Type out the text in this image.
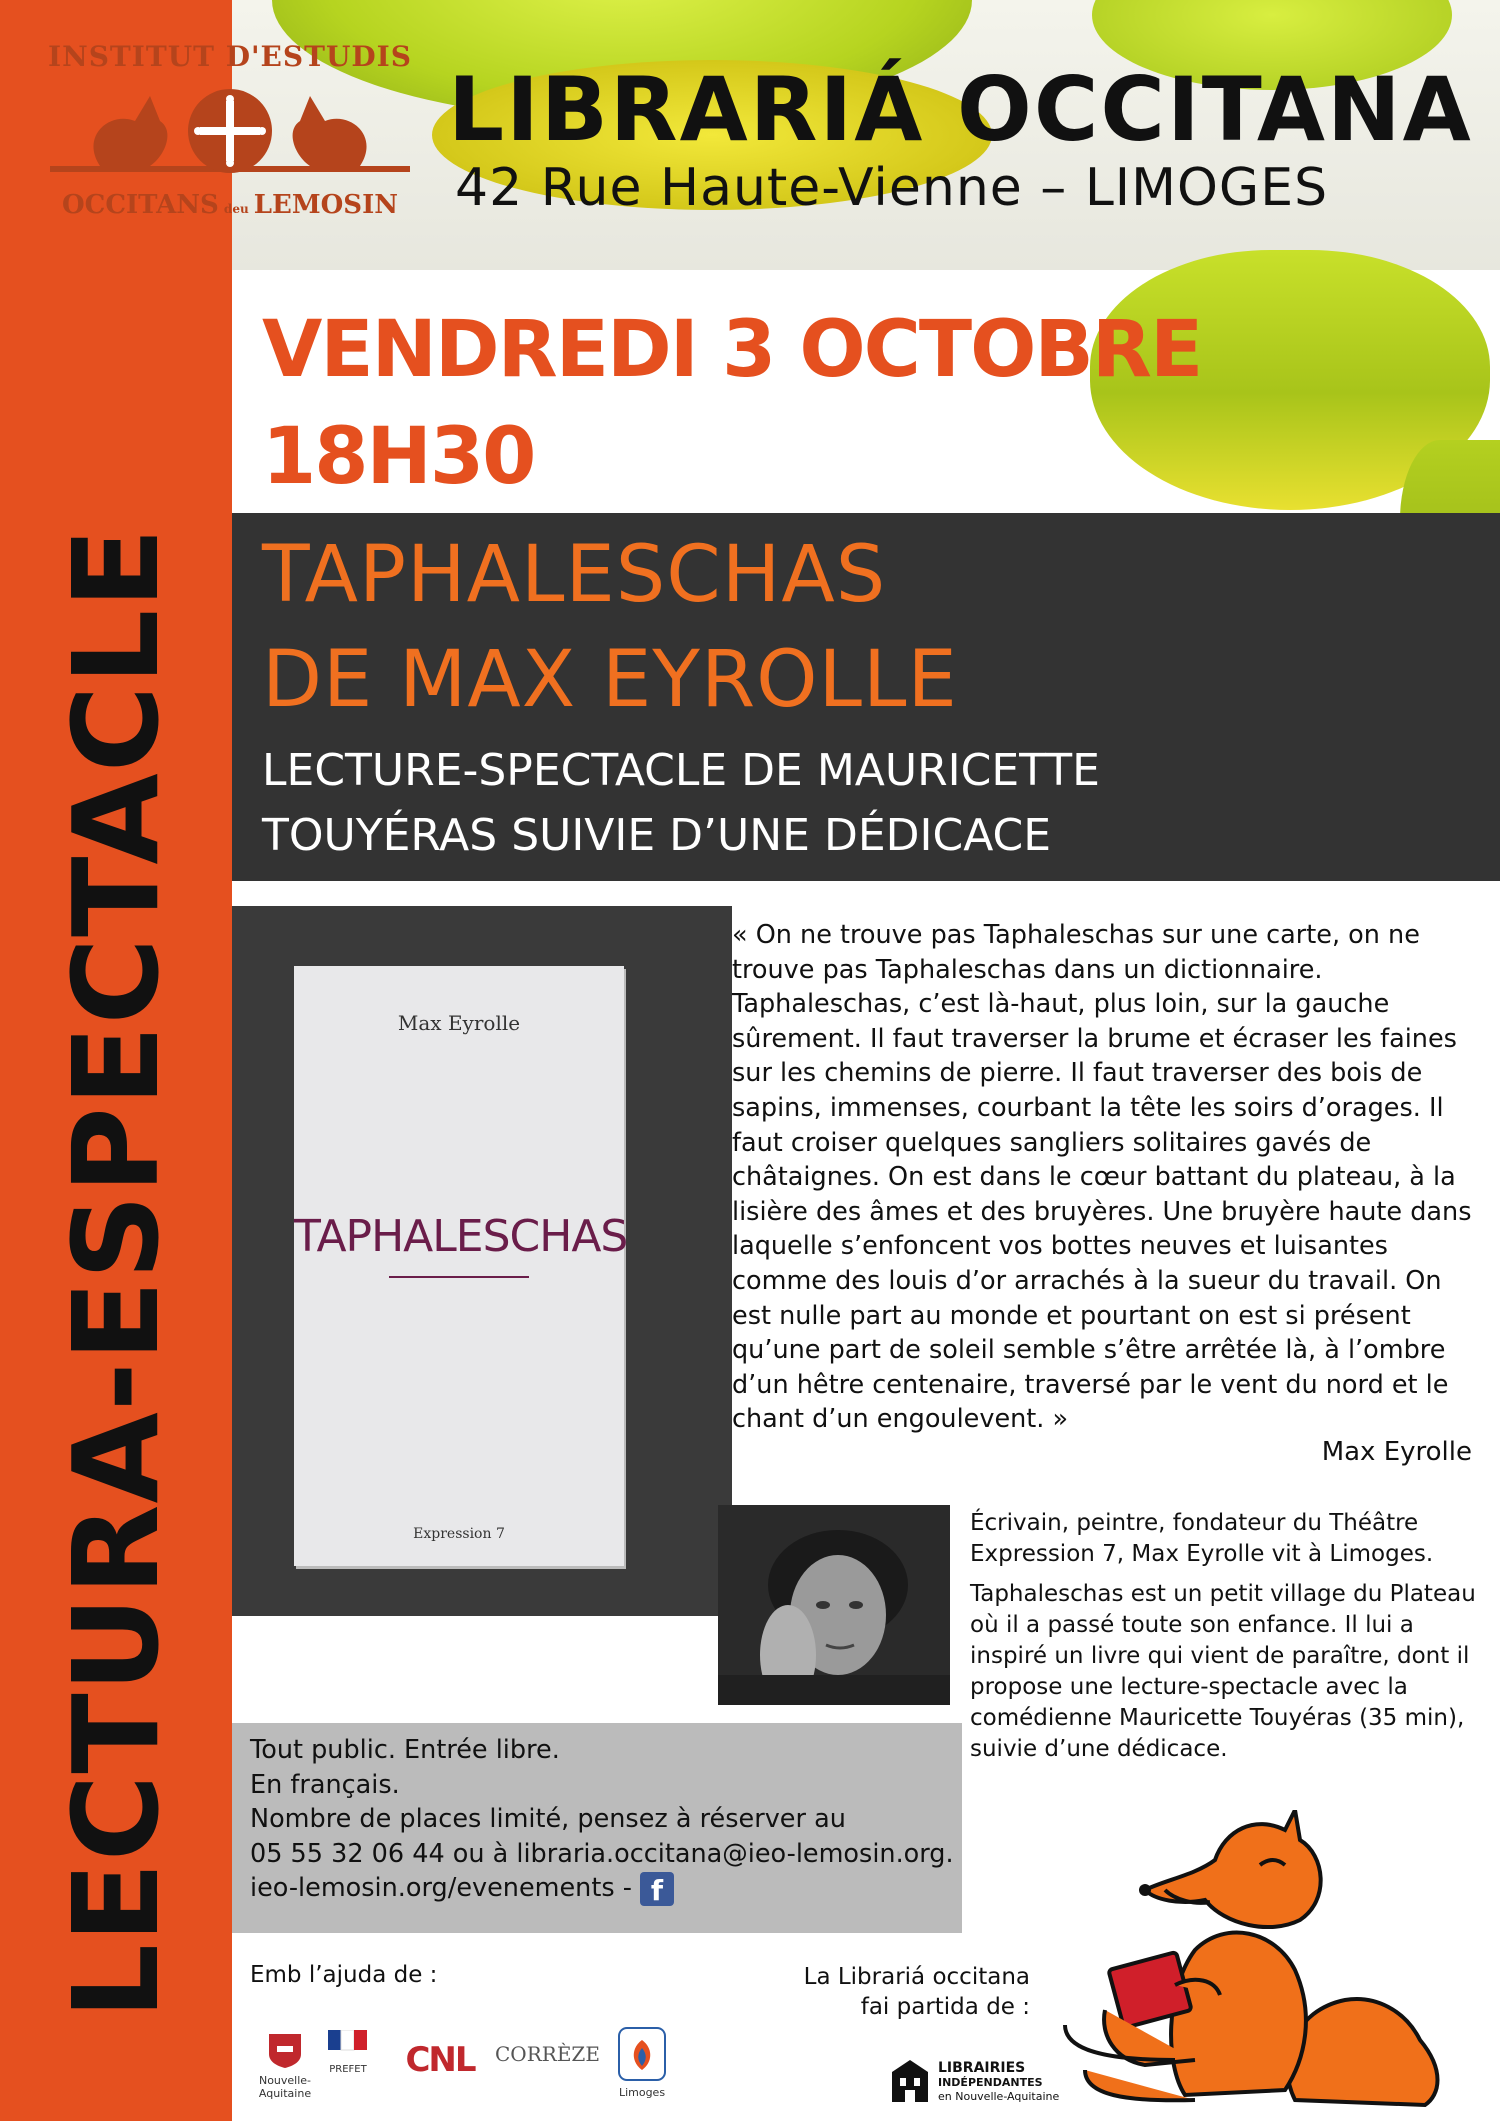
LECTURA-ESPECTACLE
INSTITUT D'ESTUDIS
OCCITANS deu LEMOSIN
LIBRARIÁ OCCITANA
42 Rue Haute-Vienne – LIMOGES
VENDREDI 3 OCTOBRE
18H30
TAPHALESCHAS
DE MAX EYROLLE
LECTURE-SPECTACLE DE MAURICETTE
TOUYÉRAS SUIVIE D’UNE DÉDICACE
Max Eyrolle
TAPHALESCHAS
Expression 7
« On ne trouve pas Taphaleschas sur une carte, on ne trouve pas Taphaleschas dans un dictionnaire. Taphaleschas, c’est là-haut, plus loin, sur la gauche sûrement. Il faut traverser la brume et écraser les faines sur les chemins de pierre. Il faut traverser des bois de sapins, immenses, courbant la tête les soirs d’orages. Il faut croiser quelques sangliers solitaires gavés de châtaignes. On est dans le cœur battant du plateau, à la lisière des âmes et des bruyères. Une bruyère haute dans laquelle s’enfoncent vos bottes neuves et luisantes comme des louis d’or arrachés à la sueur du travail. On est nulle part au monde et pourtant on est si présent qu’une part de soleil semble s’être arrêtée là, à l’ombre d’un hêtre centenaire, traversé par le vent du nord et le chant d’un engoulevent. »
Max Eyrolle

Écrivain, peintre, fondateur du Théâtre Expression 7, Max Eyrolle vit à Limoges.

Taphaleschas est un petit village du Plateau où il a passé toute son enfance. Il lui a inspiré un livre qui vient de paraître, dont il propose une lecture-spectacle avec la comédienne Mauricette Touyéras (35 min), suivie d’une dédicace.

Tout public. Entrée libre.
En français.
Nombre de places limité, pensez à réserver au
05 55 32 06 44 ou à libraria.occitana@ieo-lemosin.org.
ieo-lemosin.org/evenements - f
Emb l’ajuda de :
Nouvelle-Aquitaine
PREFET	CNL	CORRÈZE
Limoges
La Librariá occitana
fai partida de :
LIBRAIRIES
INDÉPENDANTES
en Nouvelle-Aquitaine
